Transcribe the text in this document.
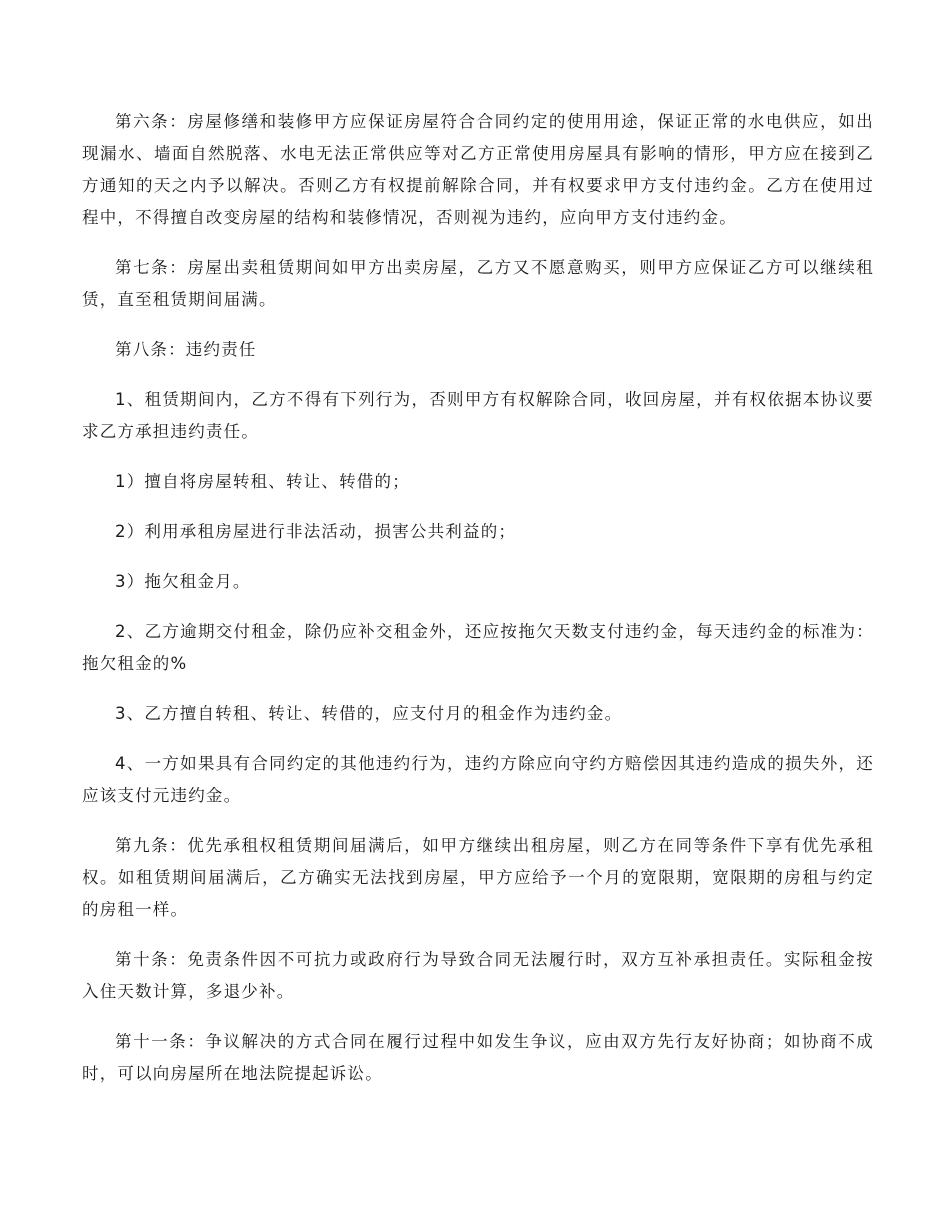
第六条：房屋修缮和装修甲方应保证房屋符合合同约定的使用用途，保证正常的水电供应，如出现漏水、墙面自然脱落、水电无法正常供应等对乙方正常使用房屋具有影响的情形，甲方应在接到乙方通知的天之内予以解决。否则乙方有权提前解除合同，并有权要求甲方支付违约金。乙方在使用过程中，不得擅自改变房屋的结构和装修情况，否则视为违约，应向甲方支付违约金。

第七条：房屋出卖租赁期间如甲方出卖房屋，乙方又不愿意购买，则甲方应保证乙方可以继续租赁，直至租赁期间届满。

第八条：违约责任

1、租赁期间内，乙方不得有下列行为，否则甲方有权解除合同，收回房屋，并有权依据本协议要求乙方承担违约责任。

1）擅自将房屋转租、转让、转借的；

2）利用承租房屋进行非法活动，损害公共利益的；

3）拖欠租金月。

2、乙方逾期交付租金，除仍应补交租金外，还应按拖欠天数支付违约金，每天违约金的标准为：拖欠租金的%

3、乙方擅自转租、转让、转借的，应支付月的租金作为违约金。

4、一方如果具有合同约定的其他违约行为，违约方除应向守约方赔偿因其违约造成的损失外，还应该支付元违约金。

第九条：优先承租权租赁期间届满后，如甲方继续出租房屋，则乙方在同等条件下享有优先承租权。如租赁期间届满后，乙方确实无法找到房屋，甲方应给予一个月的宽限期，宽限期的房租与约定的房租一样。

第十条：免责条件因不可抗力或政府行为导致合同无法履行时，双方互补承担责任。实际租金按入住天数计算，多退少补。

第十一条：争议解决的方式合同在履行过程中如发生争议，应由双方先行友好协商；如协商不成时，可以向房屋所在地法院提起诉讼。
